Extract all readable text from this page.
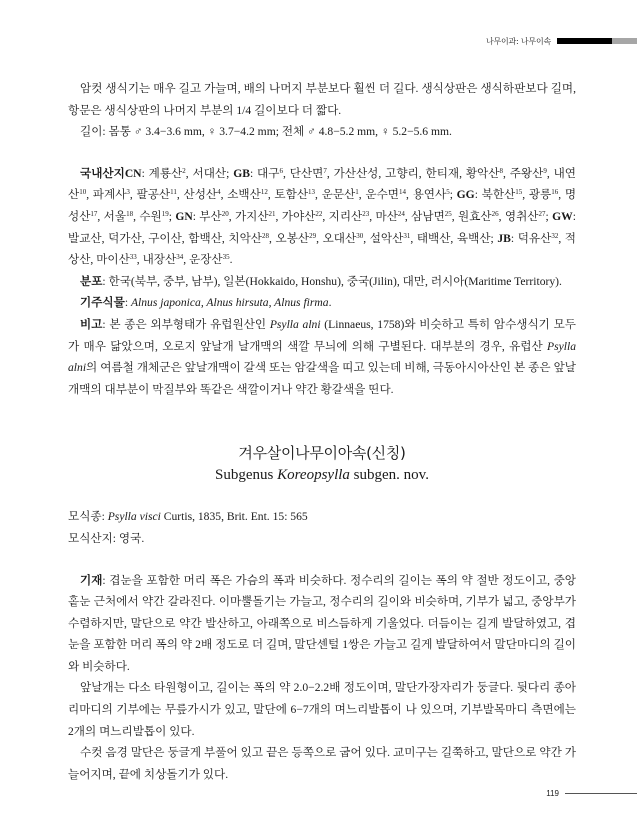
나무이과: 나무이속

암컷 생식기는 매우 길고 가늘며, 배의 나머지 부분보다 훨씬 더 길다. 생식상판은 생식하판보다 길며, 항문은 생식상판의 나머지 부분의 1/4 길이보다 더 짧다.

길이: 몸통 ♂ 3.4−3.6 mm, ♀ 3.7−4.2 mm; 전체 ♂ 4.8−5.2 mm, ♀ 5.2−5.6 mm.

국내산지CN: 계룡산$^2$, 서대산; GB: 대구$^6$, 단산면$^7$, 가산산성, 고향리, 한티재, 황악산$^8$, 주왕산$^9$, 내연산$^{10}$, 파계사$^3$, 팔공산$^{11}$, 산성산$^4$, 소백산$^{12}$, 토함산$^{13}$, 운문산$^1$, 운수면$^{14}$, 용연사$^5$; GG: 북한산$^{15}$, 광릉$^{16}$, 명성산$^{17}$, 서울$^{18}$, 수원$^{19}$; GN: 부산$^{20}$, 가지산$^{21}$, 가야산$^{22}$, 지리산$^{23}$, 마산$^{24}$, 삼남면$^{25}$, 원효산$^{26}$, 영취산$^{27}$; GW: 발교산, 덕가산, 구이산, 함백산, 치악산$^{28}$, 오봉산$^{29}$, 오대산$^{30}$, 설악산$^{31}$, 태백산, 육백산; JB: 덕유산$^{32}$, 적상산, 마이산$^{33}$, 내장산$^{34}$, 운장산$^{35}$.

분포: 한국(북부, 중부, 남부), 일본(Hokkaido, Honshu), 중국(Jilin), 대만, 러시아(Maritime Territory).

기주식물: Alnus japonica, Alnus hirsuta, Alnus firma.

비고: 본 종은 외부형태가 유럽원산인 Psylla alni (Linnaeus, 1758)와 비슷하고 특히 암수생식기 모두가 매우 닮았으며, 오로지 앞날개 날개맥의 색깔 무늬에 의해 구별된다. 대부분의 경우, 유럽산 Psylla alni의 여름철 개체군은 앞날개맥이 갈색 또는 암갈색을 띠고 있는데 비해, 극동아시아산인 본 종은 앞날개맥의 대부분이 막질부와 똑같은 색깔이거나 약간 황갈색을 띤다.

겨우살이나무이아속(신칭)

Subgenus Koreopsylla subgen. nov.

모식종: Psylla visci Curtis, 1835, Brit. Ent. 15: 565

모식산지: 영국.

기재: 겹눈을 포함한 머리 폭은 가슴의 폭과 비슷하다. 정수리의 길이는 폭의 약 절반 정도이고, 중앙홑눈 근처에서 약간 갈라진다. 이마뿔돌기는 가늘고, 정수리의 길이와 비슷하며, 기부가 넓고, 중앙부가 수렴하지만, 말단으로 약간 발산하고, 아래쪽으로 비스듬하게 기울었다. 더듬이는 길게 발달하였고, 겹눈을 포함한 머리 폭의 약 2배 정도로 더 길며, 말단센털 1쌍은 가늘고 길게 발달하여서 말단마디의 길이와 비슷하다.

앞날개는 다소 타원형이고, 길이는 폭의 약 2.0−2.2배 정도이며, 말단가장자리가 둥글다. 뒷다리 종아리마디의 기부에는 무릎가시가 있고, 말단에 6−7개의 며느리발톱이 나 있으며, 기부발목마디 측면에는 2개의 며느리발톱이 있다.

수컷 음경 말단은 둥글게 부풀어 있고 끝은 등쪽으로 굽어 있다. 교미구는 길쭉하고, 말단으로 약간 가늘어지며, 끝에 치상돌기가 있다.

119
